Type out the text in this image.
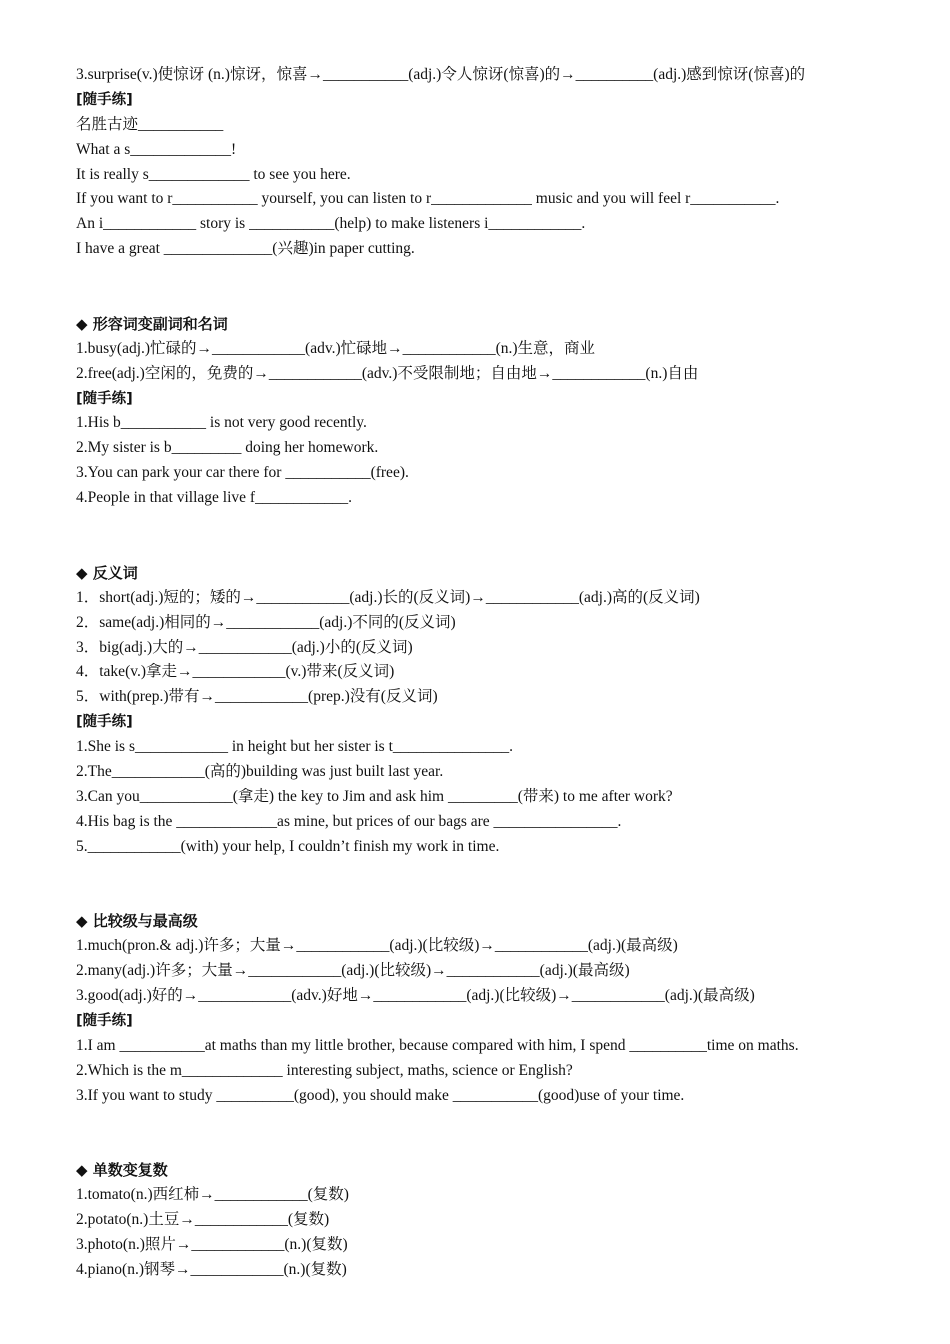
3.surprise(v.)使惊讶 (n.)惊讶，惊喜→___________(adj.)令人惊讶(惊喜)的→__________(adj.)感到惊讶(惊喜)的
[随手练]
名胜古迹___________
What a s_____________!
It is really s_____________ to see you here.
If you want to r___________ yourself, you can listen to r_____________ music and you will feel r___________.
An i____________ story is ___________(help) to make listeners i____________.
I have a great ______________(兴趣)in paper cutting.
◆ 形容词变副词和名词
1.busy(adj.)忙碌的→____________(adv.)忙碌地→____________(n.)生意，商业
2.free(adj.)空闲的，免费的→____________(adv.)不受限制地；自由地→____________(n.)自由
[随手练]
1.His b___________ is not very good recently.
2.My sister is b_________ doing her homework.
3.You can park your car there for ___________(free).
4.People in that village live f____________.
◆ 反义词
1．short(adj.)短的；矮的→____________(adj.)长的(反义词)→____________(adj.)高的(反义词)
2．same(adj.)相同的→____________(adj.)不同的(反义词)
3．big(adj.)大的→____________(adj.)小的(反义词)
4．take(v.)拿走→____________(v.)带来(反义词)
5．with(prep.)带有→____________(prep.)没有(反义词)
[随手练]
1.She is s____________ in height but her sister is t_______________.
2.The____________(高的)building was just built last year.
3.Can you____________(拿走) the key to Jim and ask him _________(带来) to me after work?
4.His bag is the _____________as mine, but prices of our bags are ________________.
5.____________(with) your help, I couldn’t finish my work in time.
◆ 比较级与最高级
1.much(pron.& adj.)许多；大量→____________(adj.)(比较级)→____________(adj.)(最高级)
2.many(adj.)许多；大量→____________(adj.)(比较级)→____________(adj.)(最高级)
3.good(adj.)好的→____________(adv.)好地→____________(adj.)(比较级)→____________(adj.)(最高级)
[随手练]
1.I am ___________at maths than my little brother, because compared with him, I spend __________time on maths.
2.Which is the m_____________ interesting subject, maths, science or English?
3.If you want to study __________(good), you should make ___________(good)use of your time.
◆ 单数变复数
1.tomato(n.)西红柿→____________(复数)
2.potato(n.)土豆→____________(复数)
3.photo(n.)照片→____________(n.)(复数)
4.piano(n.)钢琴→____________(n.)(复数)
